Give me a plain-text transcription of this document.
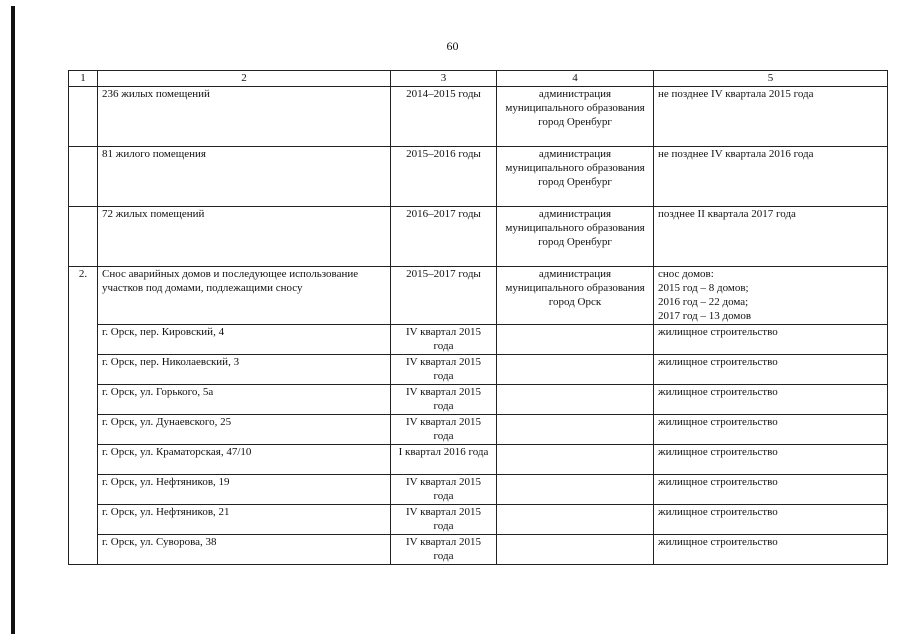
60
1	2	3	4	5
	236 жилых помещений	2014–2015 годы	администрация муниципального образования город Оренбург	не позднее IV квартала 2015 года
	81 жилого помещения	2015–2016 годы	администрация муниципального образования город Оренбург	не позднее IV квартала 2016 года
	72 жилых помещений	2016–2017 годы	администрация муниципального образования город Оренбург	позднее II квартала 2017 года
2.	Снос аварийных домов и последующее использование участков под домами, подлежащими сносу	2015–2017 годы	администрация муниципального образования город Орск	снос домов:
2015 год – 8 домов;
2016 год – 22 дома;
2017 год – 13 домов

	г. Орск, пер. Кировский, 4	IV квартал 2015 года		жилищное строительство
	г. Орск, пер. Николаевский, 3	IV квартал 2015 года		жилищное строительство
	г. Орск, ул. Горького, 5а	IV квартал 2015 года		жилищное строительство
	г. Орск, ул. Дунаевского, 25	IV квартал 2015 года		жилищное строительство
	г. Орск, ул. Краматорская, 47/10	I квартал 2016 года		жилищное строительство
	г. Орск, ул. Нефтяников, 19	IV квартал 2015 года		жилищное строительство
	г. Орск, ул. Нефтяников, 21	IV квартал 2015 года		жилищное строительство
	г. Орск, ул. Суворова, 38	IV квартал 2015 года		жилищное строительство
